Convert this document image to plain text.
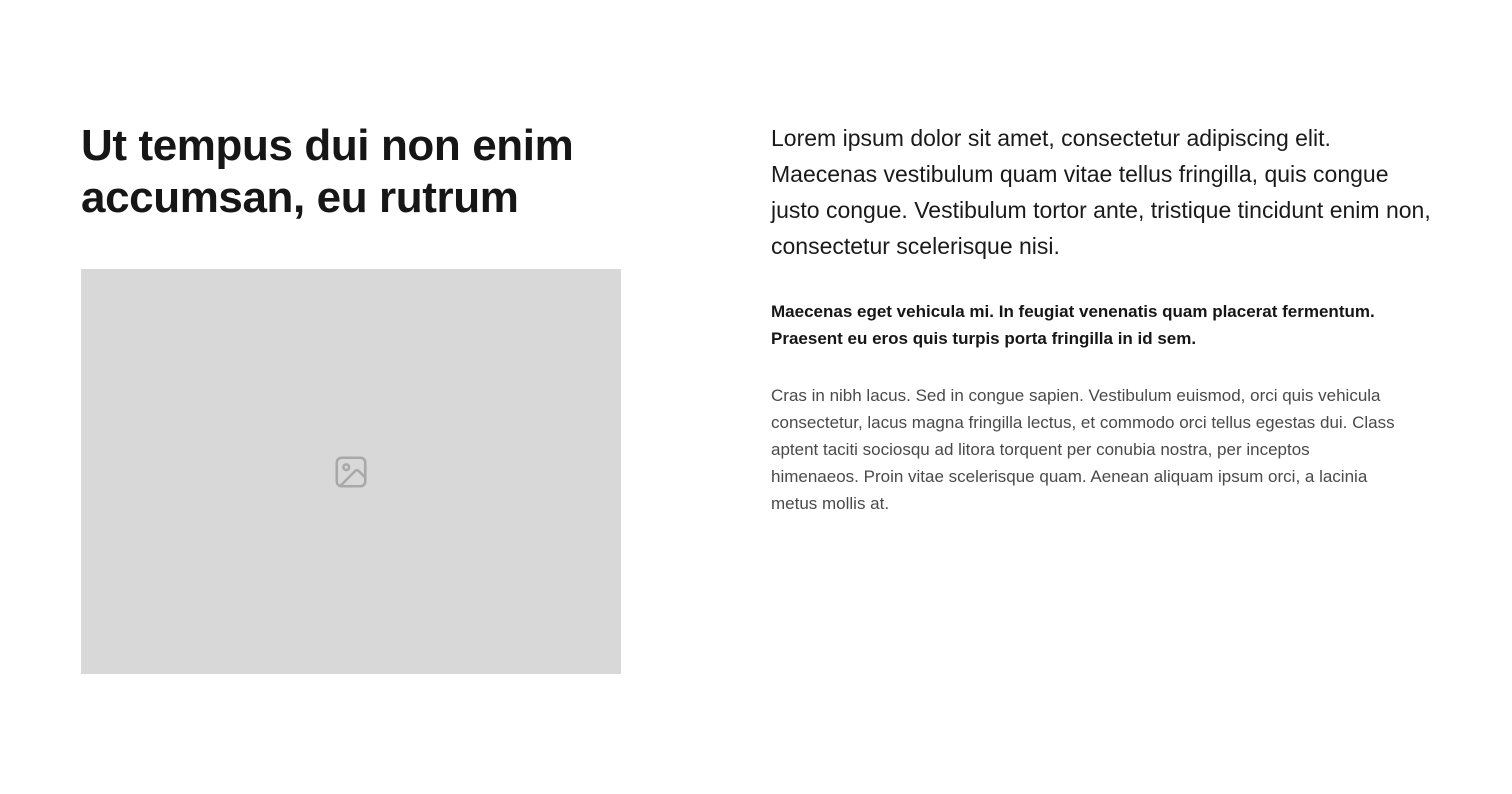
Ut tempus dui non enim accumsan, eu rutrum

Lorem ipsum dolor sit amet, consectetur adipiscing elit. Maecenas vestibulum quam vitae tellus fringilla, quis congue justo congue. Vestibulum tortor ante, tristique tincidunt enim non, consectetur scelerisque nisi.

Maecenas eget vehicula mi. In feugiat venenatis quam placerat fermentum. Praesent eu eros quis turpis porta fringilla in id sem.

Cras in nibh lacus. Sed in congue sapien. Vestibulum euismod, orci quis vehicula consectetur, lacus magna fringilla lectus, et commodo orci tellus egestas dui. Class aptent taciti sociosqu ad litora torquent per conubia nostra, per inceptos himenaeos. Proin vitae scelerisque quam. Aenean aliquam ipsum orci, a lacinia metus mollis at.
